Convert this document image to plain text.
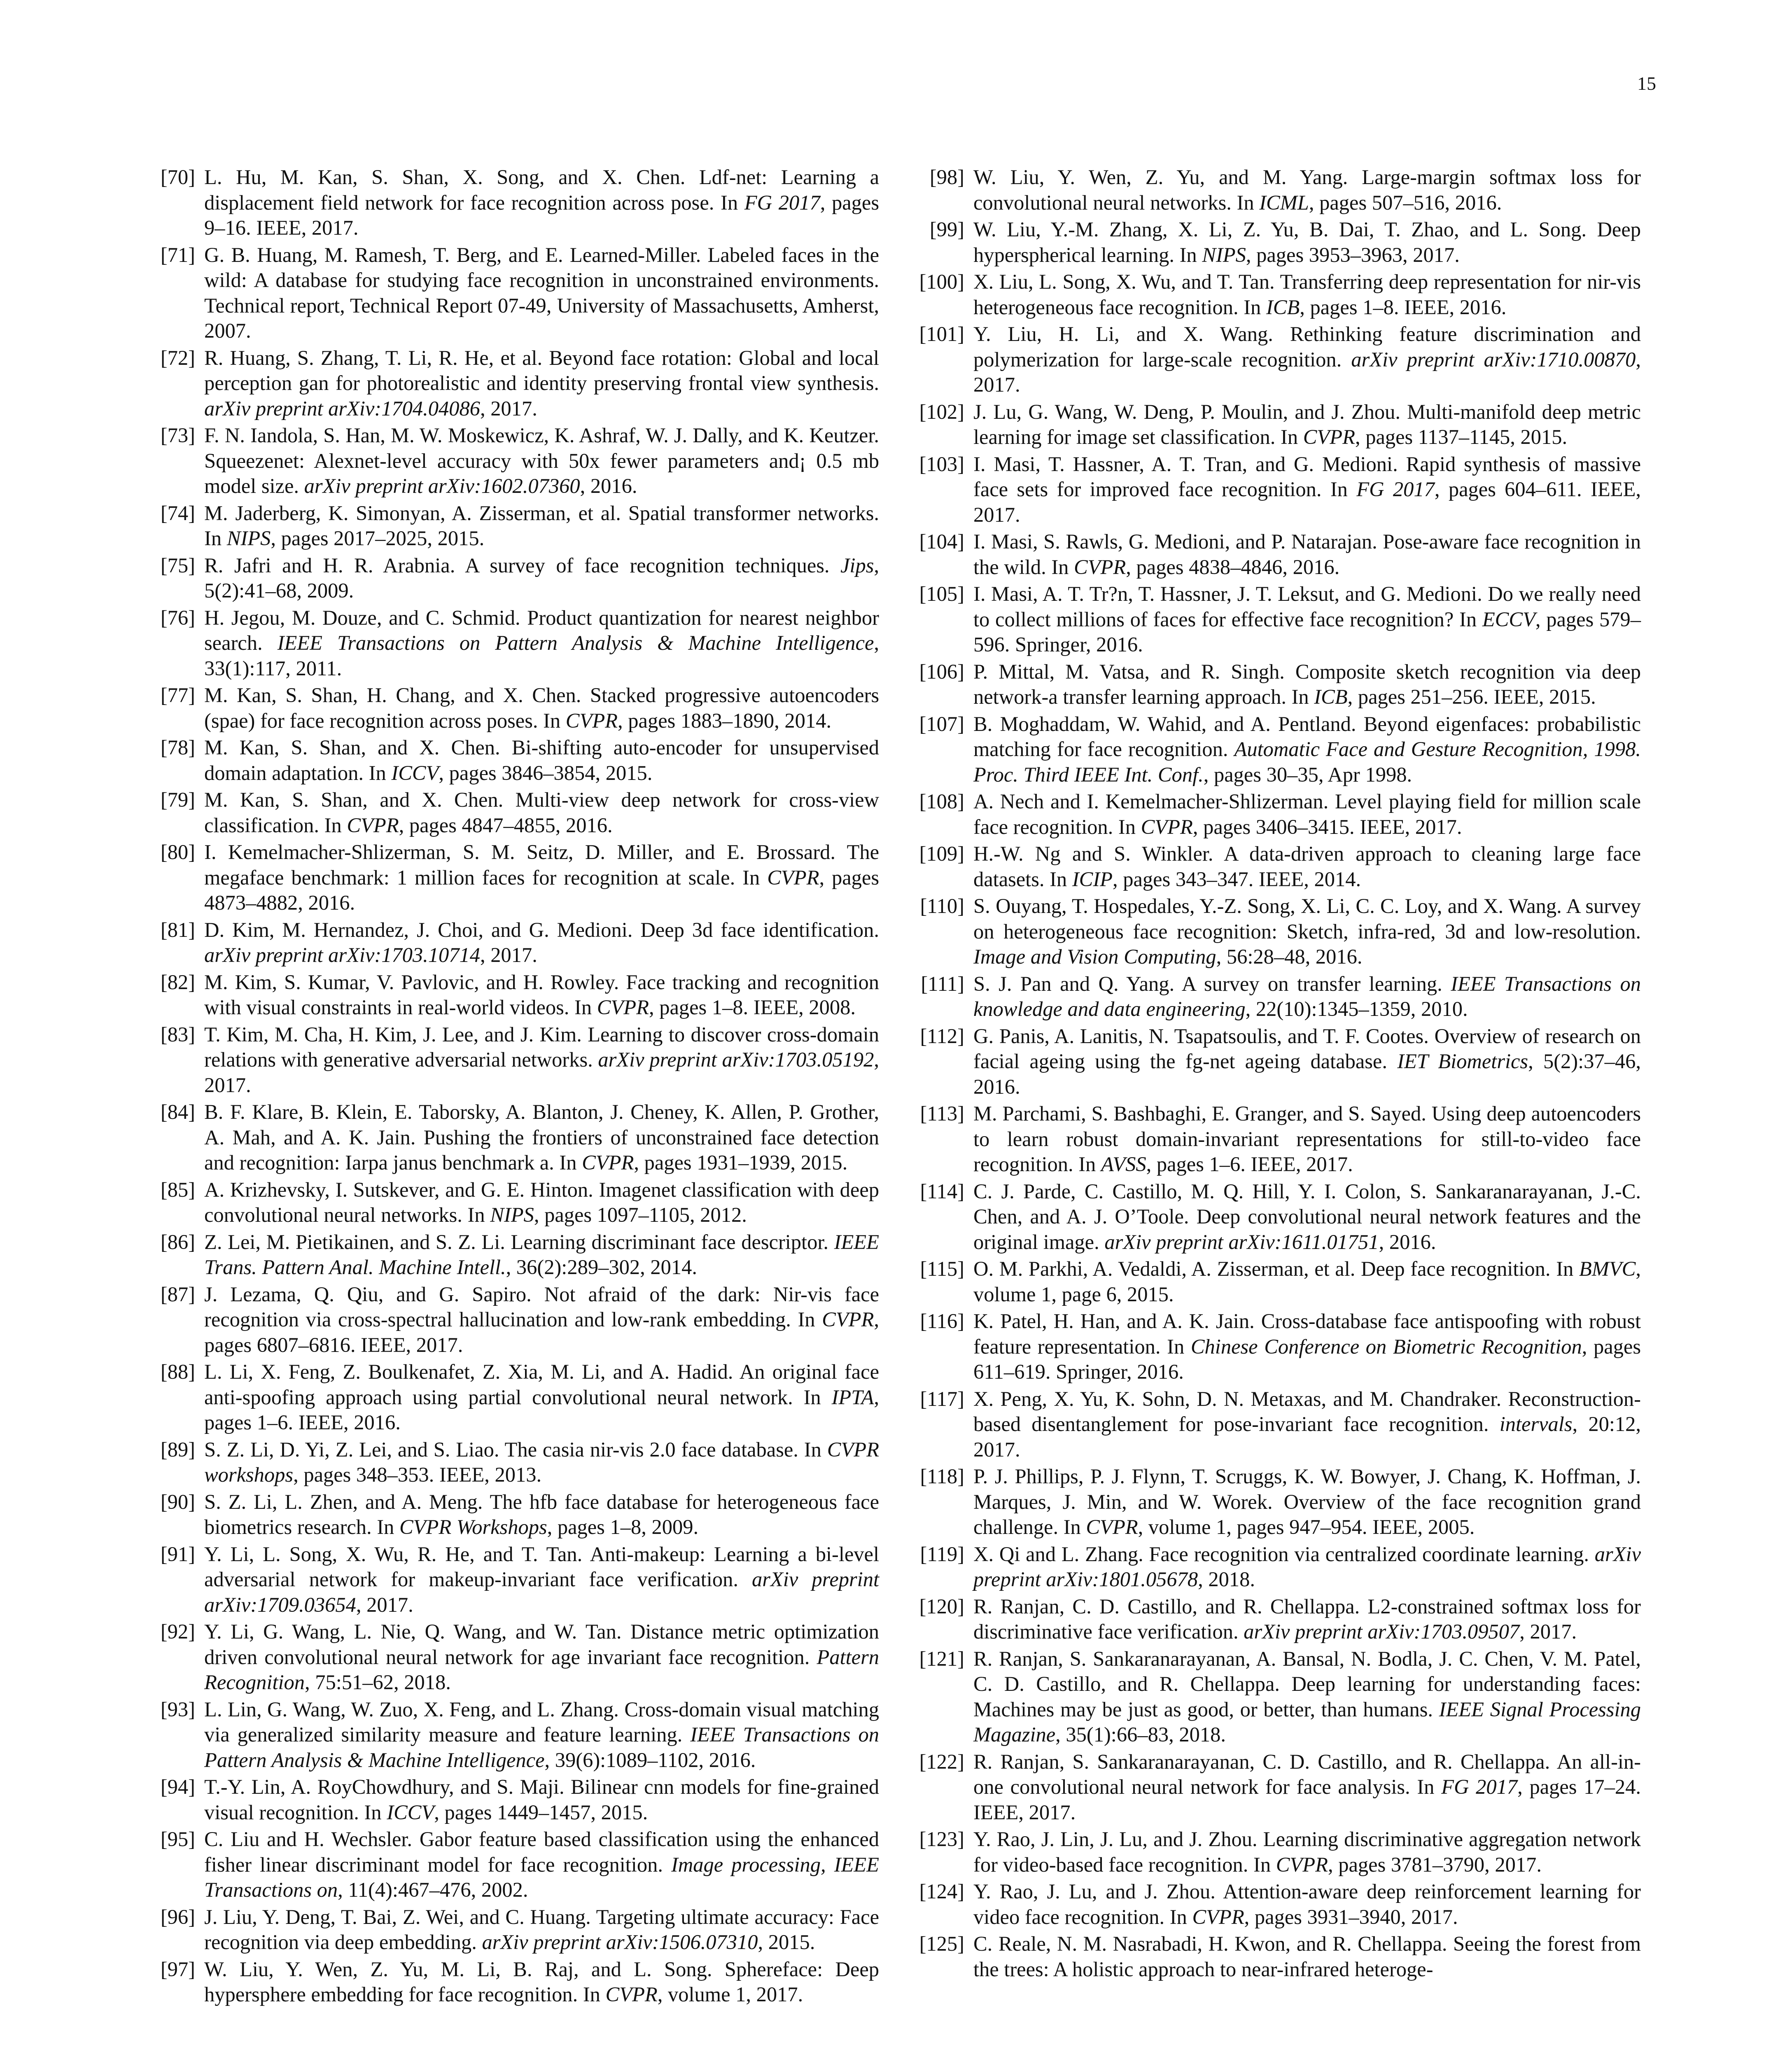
15
[70] L. Hu, M. Kan, S. Shan, X. Song, and X. Chen. Ldf-net: Learning a displacement field network for face recognition across pose. In FG 2017, pages 9–16. IEEE, 2017.
[71] G. B. Huang, M. Ramesh, T. Berg, and E. Learned-Miller. Labeled faces in the wild: A database for studying face recognition in unconstrained environments. Technical report, Technical Report 07-49, University of Massachusetts, Amherst, 2007.
[72] R. Huang, S. Zhang, T. Li, R. He, et al. Beyond face rotation: Global and local perception gan for photorealistic and identity preserving frontal view synthesis. arXiv preprint arXiv:1704.04086, 2017.
[73] F. N. Iandola, S. Han, M. W. Moskewicz, K. Ashraf, W. J. Dally, and K. Keutzer. Squeezenet: Alexnet-level accuracy with 50x fewer parameters and¡ 0.5 mb model size. arXiv preprint arXiv:1602.07360, 2016.
[74] M. Jaderberg, K. Simonyan, A. Zisserman, et al. Spatial transformer networks. In NIPS, pages 2017–2025, 2015.
[75] R. Jafri and H. R. Arabnia. A survey of face recognition techniques. Jips, 5(2):41–68, 2009.
[76] H. Jegou, M. Douze, and C. Schmid. Product quantization for nearest neighbor search. IEEE Transactions on Pattern Analysis & Machine Intelligence, 33(1):117, 2011.
[77] M. Kan, S. Shan, H. Chang, and X. Chen. Stacked progressive autoencoders (spae) for face recognition across poses. In CVPR, pages 1883–1890, 2014.
[78] M. Kan, S. Shan, and X. Chen. Bi-shifting auto-encoder for unsupervised domain adaptation. In ICCV, pages 3846–3854, 2015.
[79] M. Kan, S. Shan, and X. Chen. Multi-view deep network for cross-view classification. In CVPR, pages 4847–4855, 2016.
[80] I. Kemelmacher-Shlizerman, S. M. Seitz, D. Miller, and E. Brossard. The megaface benchmark: 1 million faces for recognition at scale. In CVPR, pages 4873–4882, 2016.
[81] D. Kim, M. Hernandez, J. Choi, and G. Medioni. Deep 3d face identification. arXiv preprint arXiv:1703.10714, 2017.
[82] M. Kim, S. Kumar, V. Pavlovic, and H. Rowley. Face tracking and recognition with visual constraints in real-world videos. In CVPR, pages 1–8. IEEE, 2008.
[83] T. Kim, M. Cha, H. Kim, J. Lee, and J. Kim. Learning to discover cross-domain relations with generative adversarial networks. arXiv preprint arXiv:1703.05192, 2017.
[84] B. F. Klare, B. Klein, E. Taborsky, A. Blanton, J. Cheney, K. Allen, P. Grother, A. Mah, and A. K. Jain. Pushing the frontiers of unconstrained face detection and recognition: Iarpa janus benchmark a. In CVPR, pages 1931–1939, 2015.
[85] A. Krizhevsky, I. Sutskever, and G. E. Hinton. Imagenet classification with deep convolutional neural networks. In NIPS, pages 1097–1105, 2012.
[86] Z. Lei, M. Pietikainen, and S. Z. Li. Learning discriminant face descriptor. IEEE Trans. Pattern Anal. Machine Intell., 36(2):289–302, 2014.
[87] J. Lezama, Q. Qiu, and G. Sapiro. Not afraid of the dark: Nir-vis face recognition via cross-spectral hallucination and low-rank embedding. In CVPR, pages 6807–6816. IEEE, 2017.
[88] L. Li, X. Feng, Z. Boulkenafet, Z. Xia, M. Li, and A. Hadid. An original face anti-spoofing approach using partial convolutional neural network. In IPTA, pages 1–6. IEEE, 2016.
[89] S. Z. Li, D. Yi, Z. Lei, and S. Liao. The casia nir-vis 2.0 face database. In CVPR workshops, pages 348–353. IEEE, 2013.
[90] S. Z. Li, L. Zhen, and A. Meng. The hfb face database for heterogeneous face biometrics research. In CVPR Workshops, pages 1–8, 2009.
[91] Y. Li, L. Song, X. Wu, R. He, and T. Tan. Anti-makeup: Learning a bi-level adversarial network for makeup-invariant face verification. arXiv preprint arXiv:1709.03654, 2017.
[92] Y. Li, G. Wang, L. Nie, Q. Wang, and W. Tan. Distance metric optimization driven convolutional neural network for age invariant face recognition. Pattern Recognition, 75:51–62, 2018.
[93] L. Lin, G. Wang, W. Zuo, X. Feng, and L. Zhang. Cross-domain visual matching via generalized similarity measure and feature learning. IEEE Transactions on Pattern Analysis & Machine Intelligence, 39(6):1089–1102, 2016.
[94] T.-Y. Lin, A. RoyChowdhury, and S. Maji. Bilinear cnn models for fine-grained visual recognition. In ICCV, pages 1449–1457, 2015.
[95] C. Liu and H. Wechsler. Gabor feature based classification using the enhanced fisher linear discriminant model for face recognition. Image processing, IEEE Transactions on, 11(4):467–476, 2002.
[96] J. Liu, Y. Deng, T. Bai, Z. Wei, and C. Huang. Targeting ultimate accuracy: Face recognition via deep embedding. arXiv preprint arXiv:1506.07310, 2015.
[97] W. Liu, Y. Wen, Z. Yu, M. Li, B. Raj, and L. Song. Sphereface: Deep hypersphere embedding for face recognition. In CVPR, volume 1, 2017.
[98] W. Liu, Y. Wen, Z. Yu, and M. Yang. Large-margin softmax loss for convolutional neural networks. In ICML, pages 507–516, 2016.
[99] W. Liu, Y.-M. Zhang, X. Li, Z. Yu, B. Dai, T. Zhao, and L. Song. Deep hyperspherical learning. In NIPS, pages 3953–3963, 2017.
[100] X. Liu, L. Song, X. Wu, and T. Tan. Transferring deep representation for nir-vis heterogeneous face recognition. In ICB, pages 1–8. IEEE, 2016.
[101] Y. Liu, H. Li, and X. Wang. Rethinking feature discrimination and polymerization for large-scale recognition. arXiv preprint arXiv:1710.00870, 2017.
[102] J. Lu, G. Wang, W. Deng, P. Moulin, and J. Zhou. Multi-manifold deep metric learning for image set classification. In CVPR, pages 1137–1145, 2015.
[103] I. Masi, T. Hassner, A. T. Tran, and G. Medioni. Rapid synthesis of massive face sets for improved face recognition. In FG 2017, pages 604–611. IEEE, 2017.
[104] I. Masi, S. Rawls, G. Medioni, and P. Natarajan. Pose-aware face recognition in the wild. In CVPR, pages 4838–4846, 2016.
[105] I. Masi, A. T. Tr?n, T. Hassner, J. T. Leksut, and G. Medioni. Do we really need to collect millions of faces for effective face recognition? In ECCV, pages 579–596. Springer, 2016.
[106] P. Mittal, M. Vatsa, and R. Singh. Composite sketch recognition via deep network-a transfer learning approach. In ICB, pages 251–256. IEEE, 2015.
[107] B. Moghaddam, W. Wahid, and A. Pentland. Beyond eigenfaces: probabilistic matching for face recognition. Automatic Face and Gesture Recognition, 1998. Proc. Third IEEE Int. Conf., pages 30–35, Apr 1998.
[108] A. Nech and I. Kemelmacher-Shlizerman. Level playing field for million scale face recognition. In CVPR, pages 3406–3415. IEEE, 2017.
[109] H.-W. Ng and S. Winkler. A data-driven approach to cleaning large face datasets. In ICIP, pages 343–347. IEEE, 2014.
[110] S. Ouyang, T. Hospedales, Y.-Z. Song, X. Li, C. C. Loy, and X. Wang. A survey on heterogeneous face recognition: Sketch, infra-red, 3d and low-resolution. Image and Vision Computing, 56:28–48, 2016.
[111] S. J. Pan and Q. Yang. A survey on transfer learning. IEEE Transactions on knowledge and data engineering, 22(10):1345–1359, 2010.
[112] G. Panis, A. Lanitis, N. Tsapatsoulis, and T. F. Cootes. Overview of research on facial ageing using the fg-net ageing database. IET Biometrics, 5(2):37–46, 2016.
[113] M. Parchami, S. Bashbaghi, E. Granger, and S. Sayed. Using deep autoencoders to learn robust domain-invariant representations for still-to-video face recognition. In AVSS, pages 1–6. IEEE, 2017.
[114] C. J. Parde, C. Castillo, M. Q. Hill, Y. I. Colon, S. Sankaranarayanan, J.-C. Chen, and A. J. O’Toole. Deep convolutional neural network features and the original image. arXiv preprint arXiv:1611.01751, 2016.
[115] O. M. Parkhi, A. Vedaldi, A. Zisserman, et al. Deep face recognition. In BMVC, volume 1, page 6, 2015.
[116] K. Patel, H. Han, and A. K. Jain. Cross-database face antispoofing with robust feature representation. In Chinese Conference on Biometric Recognition, pages 611–619. Springer, 2016.
[117] X. Peng, X. Yu, K. Sohn, D. N. Metaxas, and M. Chandraker. Reconstruction-based disentanglement for pose-invariant face recognition. intervals, 20:12, 2017.
[118] P. J. Phillips, P. J. Flynn, T. Scruggs, K. W. Bowyer, J. Chang, K. Hoffman, J. Marques, J. Min, and W. Worek. Overview of the face recognition grand challenge. In CVPR, volume 1, pages 947–954. IEEE, 2005.
[119] X. Qi and L. Zhang. Face recognition via centralized coordinate learning. arXiv preprint arXiv:1801.05678, 2018.
[120] R. Ranjan, C. D. Castillo, and R. Chellappa. L2-constrained softmax loss for discriminative face verification. arXiv preprint arXiv:1703.09507, 2017.
[121] R. Ranjan, S. Sankaranarayanan, A. Bansal, N. Bodla, J. C. Chen, V. M. Patel, C. D. Castillo, and R. Chellappa. Deep learning for understanding faces: Machines may be just as good, or better, than humans. IEEE Signal Processing Magazine, 35(1):66–83, 2018.
[122] R. Ranjan, S. Sankaranarayanan, C. D. Castillo, and R. Chellappa. An all-in-one convolutional neural network for face analysis. In FG 2017, pages 17–24. IEEE, 2017.
[123] Y. Rao, J. Lin, J. Lu, and J. Zhou. Learning discriminative aggregation network for video-based face recognition. In CVPR, pages 3781–3790, 2017.
[124] Y. Rao, J. Lu, and J. Zhou. Attention-aware deep reinforcement learning for video face recognition. In CVPR, pages 3931–3940, 2017.
[125] C. Reale, N. M. Nasrabadi, H. Kwon, and R. Chellappa. Seeing the forest from the trees: A holistic approach to near-infrared heteroge-
